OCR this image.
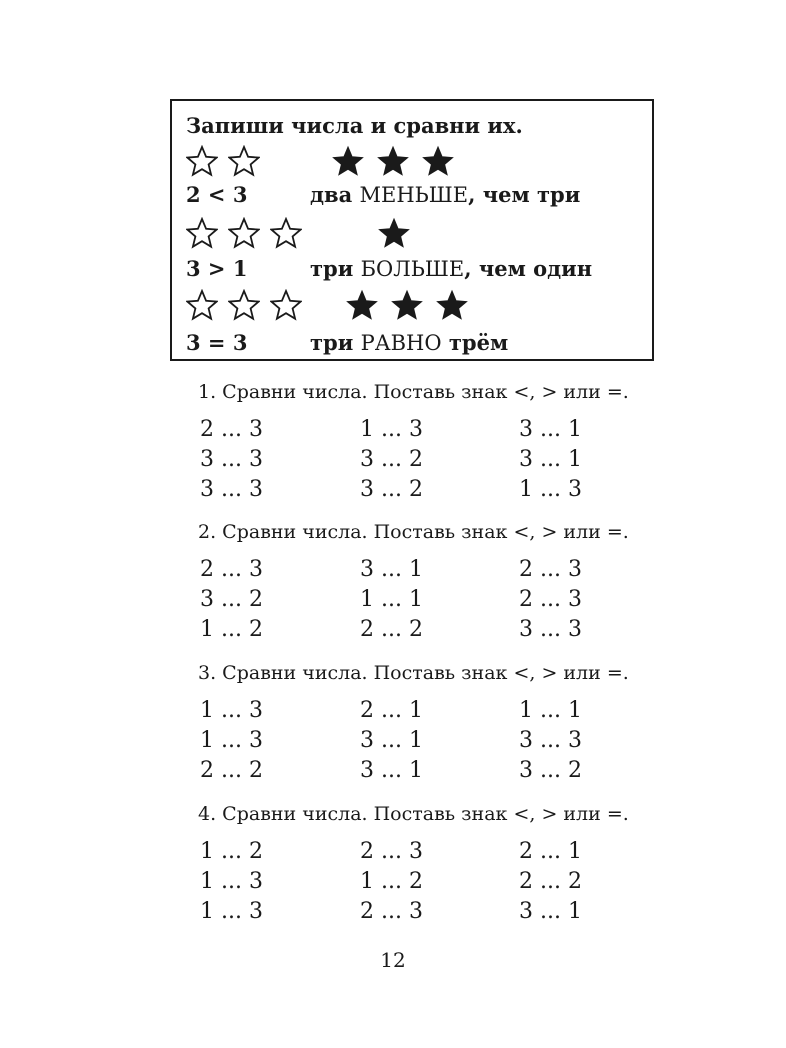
Запиши числа и сравни их.
2 < 3	два МЕНЬШЕ, чем три
3 > 1	три БОЛЬШЕ, чем один
3 = 3	три РАВНО трём
1. Сравни числа. Поставь знак <, > или =.
2 ... 3	1 ... 3	3 ... 1
3 ... 3	3 ... 2	3 ... 1
3 ... 3	3 ... 2	1 ... 3
2. Сравни числа. Поставь знак <, > или =.
2 ... 3	3 ... 1	2 ... 3
3 ... 2	1 ... 1	2 ... 3
1 ... 2	2 ... 2	3 ... 3
3. Сравни числа. Поставь знак <, > или =.
1 ... 3	2 ... 1	1 ... 1
1 ... 3	3 ... 1	3 ... 3
2 ... 2	3 ... 1	3 ... 2
4. Сравни числа. Поставь знак <, > или =.
1 ... 2	2 ... 3	2 ... 1
1 ... 3	1 ... 2	2 ... 2
1 ... 3	2 ... 3	3 ... 1
12
